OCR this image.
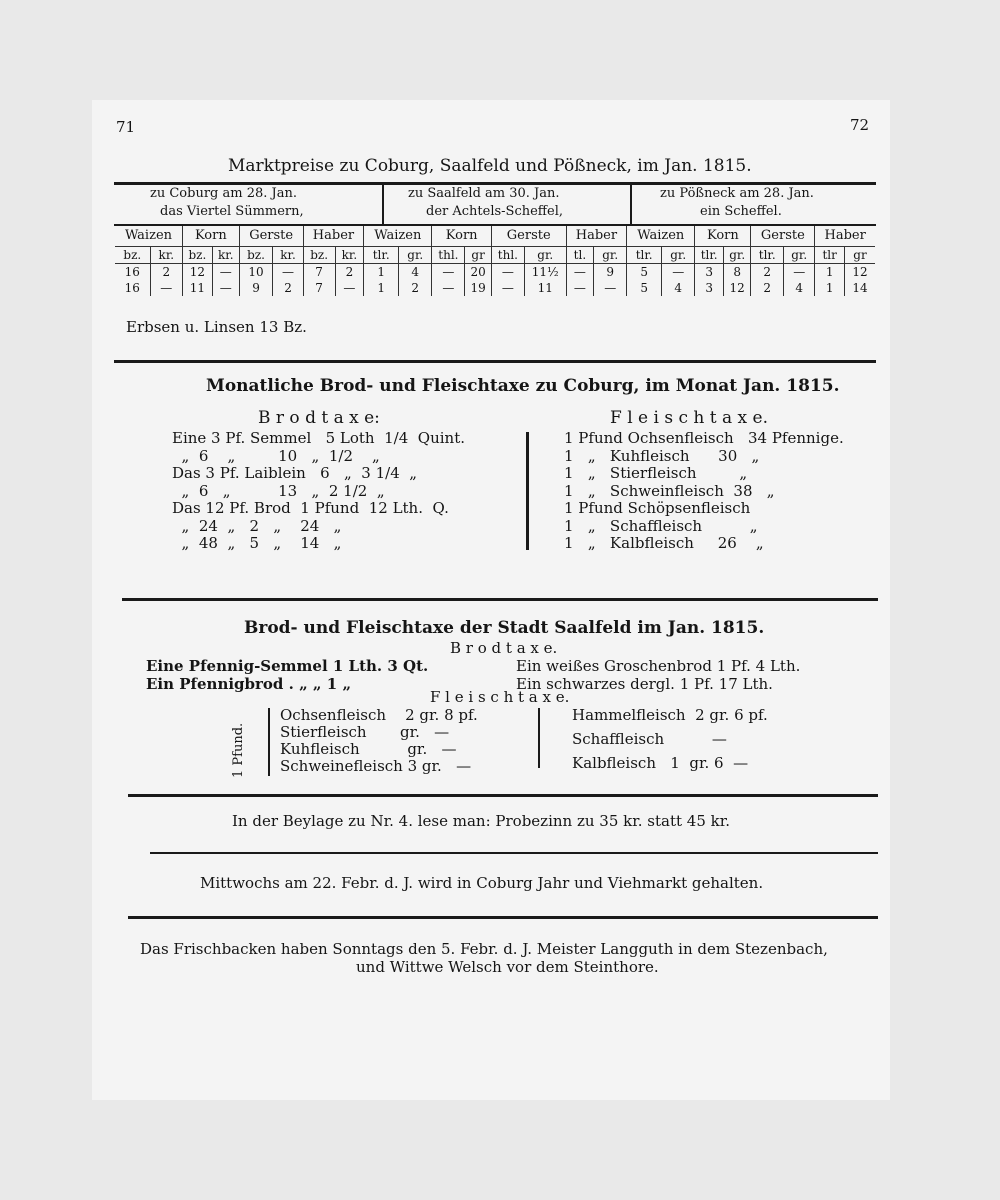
71	72
Marktpreise zu Coburg, Saalfeld und Pößneck, im Jan. 1815.
zu Coburg am 28. Jan.
das Viertel Sümmern,
zu Saalfeld am 30. Jan.
der Achtels-Scheffel,
zu Pößneck am 28. Jan.
ein Scheffel.
Waizen		Korn		Gerste		Haber		Waizen		Korn		Gerste		Haber		Waizen		Korn		Gerste		Haber	
bz.	kr.	bz.	kr.	bz.	kr.	bz.	kr.	tlr.	gr.	thl.	gr	thl.	gr.	tl.	gr.	tlr.	gr.	tlr.	gr.	tlr.	gr.	tlr	gr
16	2	12	—	10	—	7	2	1	4	—	20	—	11½	—	9	5	—	3	8	2	—	1	12
16	—	11	—	9	2	7	—	1	2	—	19	—	11	—	—	5	4	3	12	2	4	1	14
Erbsen u. Linsen 13 Bz.
Monatliche Brod- und Fleischtaxe zu Coburg, im Monat Jan. 1815.
B r o d t a x e:	F l e i s c h t a x e.
Eine 3 Pf. Semmel   5 Loth  1/4  Quint.
„  6    „         10   „  1/2    „
Das 3 Pf. Laiblein   6   „  3 1/4  „
„  6   „          13   „  2 1/2  „
Das 12 Pf. Brod  1 Pfund  12 Lth.  Q.
„  24  „   2   „    24   „
„  48  „   5   „    14   „
1 Pfund Ochsenfleisch   34 Pfennige.
1   „   Kuhfleisch      30   „
1   „   Stierfleisch         „
1   „   Schweinfleisch  38   „
1 Pfund Schöpsenfleisch
1   „   Schaffleisch          „
1   „   Kalbfleisch     26    „
Brod- und Fleischtaxe der Stadt Saalfeld im Jan. 1815.
B r o d t a x e.
Eine Pfennig-Semmel 1 Lth. 3 Qt.
Ein Pfennigbrod . „ „ 1 „
Ein weißes Groschenbrod 1 Pf. 4 Lth.
Ein schwarzes dergl. 1 Pf. 17 Lth.
F l e i s c h t a x e.
1 Pfund.
Ochsenfleisch    2 gr. 8 pf.
Stierfleisch       gr.   —
Kuhfleisch          gr.   —
Schweinefleisch 3 gr.   —
Hammelfleisch  2 gr. 6 pf.
Schaffleisch          —
Kalbfleisch   1  gr. 6  —
In der Beylage zu Nr. 4. lese man: Probezinn zu 35 kr. statt 45 kr.
Mittwochs am 22. Febr. d. J. wird in Coburg Jahr und Viehmarkt gehalten.
Das Frischbacken haben Sonntags den 5. Febr. d. J. Meister Langguth in dem Stezenbach,
und Wittwe Welsch vor dem Steinthore.
